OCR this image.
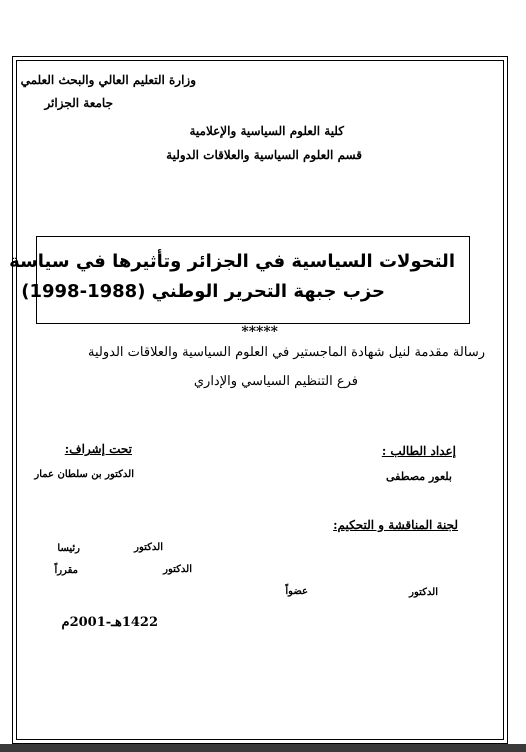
وزارة التعليم العالي والبحث العلمي
جامعة الجزائر
كلية العلوم السياسية والإعلامية
قسم العلوم السياسية والعلاقات الدولية
التحولات السياسية في الجزائر وتأثيرها في سياسة
حزب جبهة التحرير الوطني (1988-1998)
*****
رسالة مقدمة لنيل شهادة الماجستير في العلوم السياسية والعلاقات الدولية
فرع التنظيم السياسي والإداري
إعداد الطالب :
بلعور مصطفى
تحت إشراف:
الدكتور بن سلطان عمار
لجنة المناقشة و التحكيم:
الدكتور
رئيسا
الدكتور
مقرراً
الدكتور
عضواً
1422هـ-2001م
